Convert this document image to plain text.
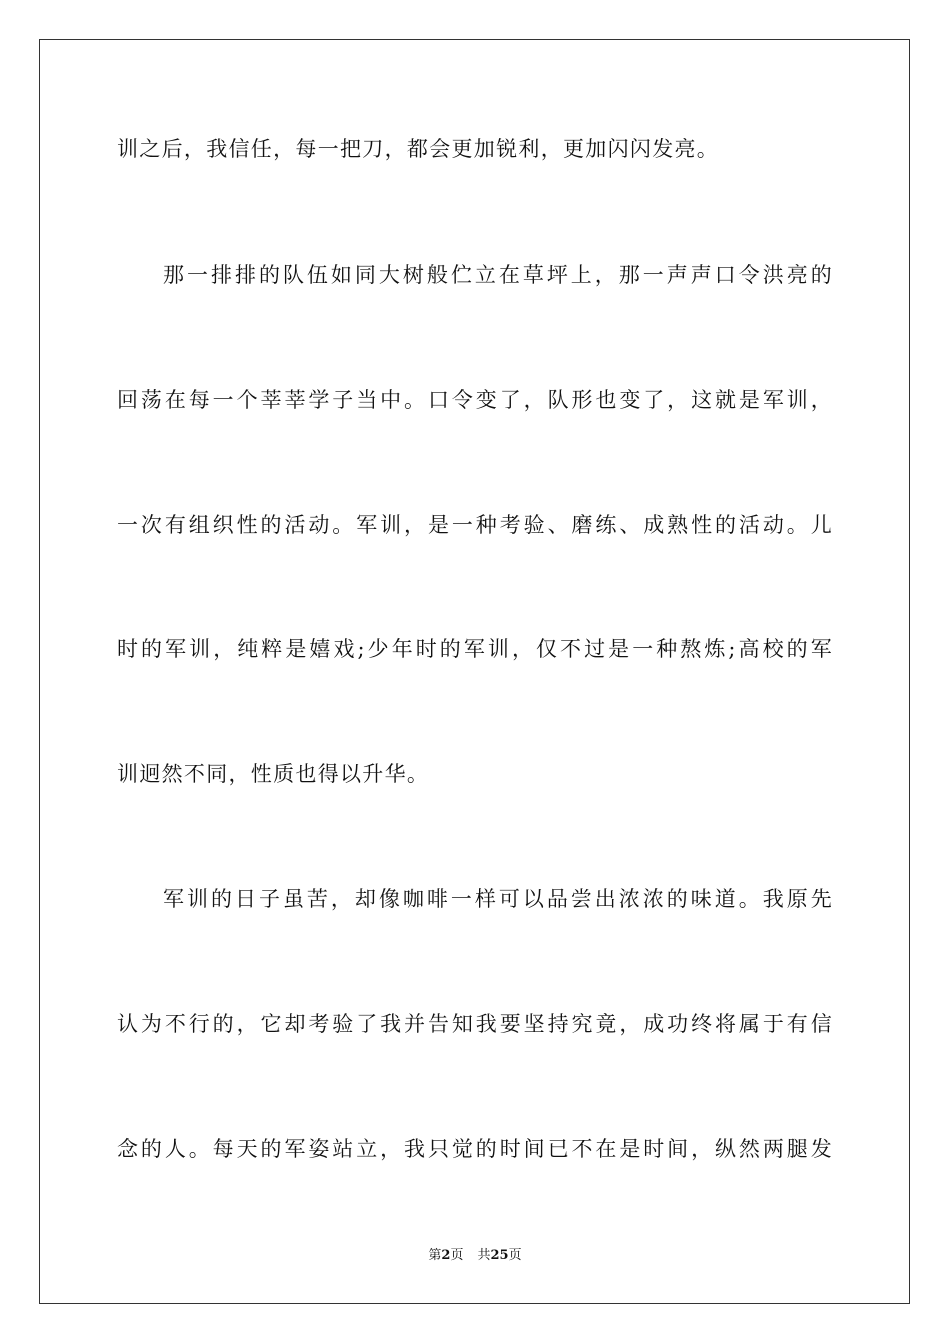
训之后，我信任，每一把刀，都会更加锐利，更加闪闪发亮。
那一排排的队伍如同大树般伫立在草坪上，那一声声口令洪亮的
回荡在每一个莘莘学子当中。口令变了，队形也变了，这就是军训，
一次有组织性的活动。军训，是一种考验、磨练、成熟性的活动。儿
时的军训，纯粹是嬉戏;少年时的军训，仅不过是一种熬炼;高校的军
训迥然不同，性质也得以升华。
军训的日子虽苦，却像咖啡一样可以品尝出浓浓的味道。我原先
认为不行的，它却考验了我并告知我要坚持究竟，成功终将属于有信
念的人。每天的军姿站立，我只觉的时间已不在是时间，纵然两腿发
第2页 共25页
